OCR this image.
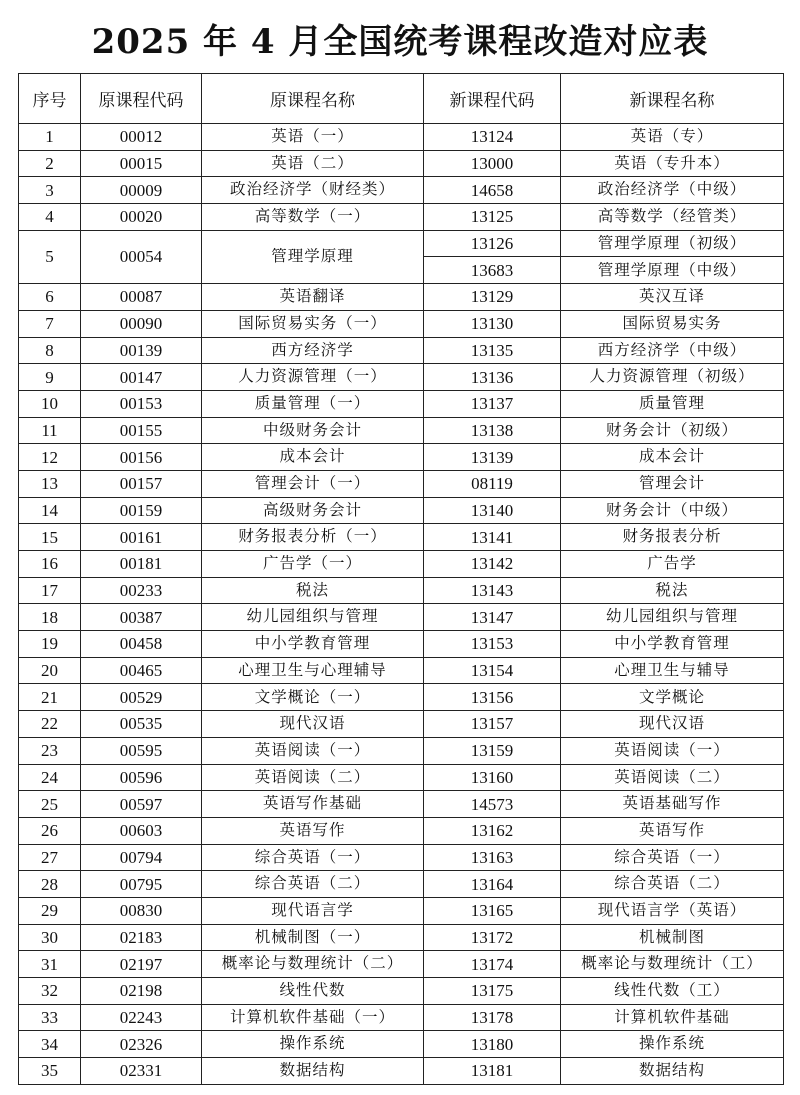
2025 年 4 月全国统考课程改造对应表
序号	原课程代码	原课程名称	新课程代码	新课程名称
1	00012	英语（一）	13124	英语（专）
2	00015	英语（二）	13000	英语（专升本）
3	00009	政治经济学（财经类）	14658	政治经济学（中级）
4	00020	高等数学（一）	13125	高等数学（经管类）
5	00054	管理学原理	13126	管理学原理（初级）
			13683	管理学原理（中级）
6	00087	英语翻译	13129	英汉互译
7	00090	国际贸易实务（一）	13130	国际贸易实务
8	00139	西方经济学	13135	西方经济学（中级）
9	00147	人力资源管理（一）	13136	人力资源管理（初级）
10	00153	质量管理（一）	13137	质量管理
11	00155	中级财务会计	13138	财务会计（初级）
12	00156	成本会计	13139	成本会计
13	00157	管理会计（一）	08119	管理会计
14	00159	高级财务会计	13140	财务会计（中级）
15	00161	财务报表分析（一）	13141	财务报表分析
16	00181	广告学（一）	13142	广告学
17	00233	税法	13143	税法
18	00387	幼儿园组织与管理	13147	幼儿园组织与管理
19	00458	中小学教育管理	13153	中小学教育管理
20	00465	心理卫生与心理辅导	13154	心理卫生与辅导
21	00529	文学概论（一）	13156	文学概论
22	00535	现代汉语	13157	现代汉语
23	00595	英语阅读（一）	13159	英语阅读（一）
24	00596	英语阅读（二）	13160	英语阅读（二）
25	00597	英语写作基础	14573	英语基础写作
26	00603	英语写作	13162	英语写作
27	00794	综合英语（一）	13163	综合英语（一）
28	00795	综合英语（二）	13164	综合英语（二）
29	00830	现代语言学	13165	现代语言学（英语）
30	02183	机械制图（一）	13172	机械制图
31	02197	概率论与数理统计（二）	13174	概率论与数理统计（工）
32	02198	线性代数	13175	线性代数（工）
33	02243	计算机软件基础（一）	13178	计算机软件基础
34	02326	操作系统	13180	操作系统
35	02331	数据结构	13181	数据结构
